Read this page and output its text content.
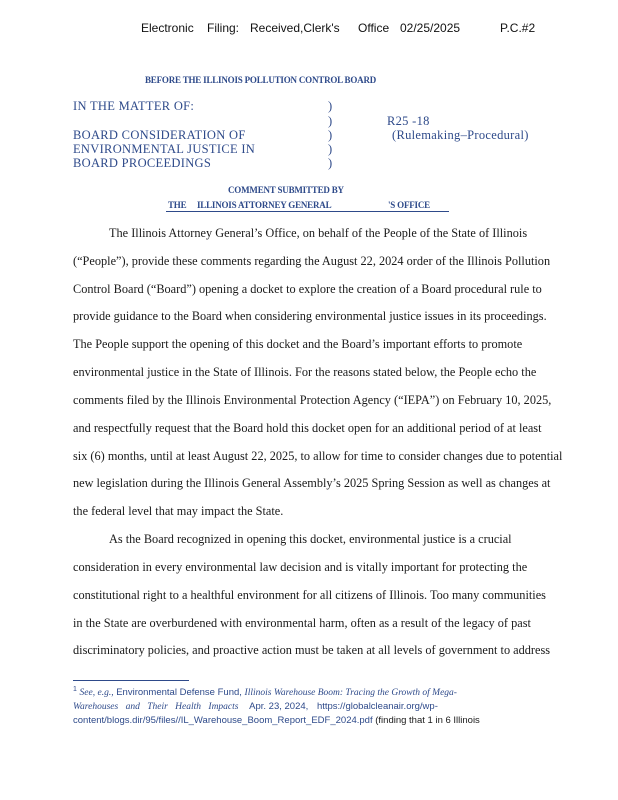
Electronic Filing: Received,Clerk's Office 02/25/2025	P.C.#2
BEFORE THE ILLINOIS POLLUTION CONTROL BOARD
IN THE MATTER OF:
BOARD CONSIDERATION OF
ENVIRONMENTAL JUSTICE IN
BOARD PROCEEDINGS
)
)
)
)
)
R25 -18
(Rulemaking–Procedural)
COMMENT SUBMITTED BY
THE ILLINOIS ATTORNEY GENERAL	'S OFFICE
The Illinois Attorney General’s Office, on behalf of the People of the State of Illinois
(“People”), provide these comments regarding the August 22, 2024 order of the Illinois Pollution
Control Board (“Board”) opening a docket to explore the creation of a Board procedural rule to
provide guidance to the Board when considering environmental justice issues in its proceedings.
The People support the opening of this docket and the Board’s important efforts to promote
environmental justice in the State of Illinois. For the reasons stated below, the People echo the
comments filed by the Illinois Environmental Protection Agency (“IEPA”) on February 10, 2025,
and respectfully request that the Board hold this docket open for an additional period of at least
six (6) months, until at least August 22, 2025, to allow for time to consider changes due to potential
new legislation during the Illinois General Assembly’s 2025 Spring Session as well as changes at
the federal level that may impact the State.
As the Board recognized in opening this docket, environmental justice is a crucial
consideration in every environmental law decision and is vitally important for protecting the
constitutional right to a healthful environment for all citizens of Illinois. Too many communities
in the State are overburdened with environmental harm, often as a result of the legacy of past
discriminatory policies, and proactive action must be taken at all levels of government to address
$^1$ See, e.g., Environmental Defense Fund, Illinois Warehouse Boom: Tracing the Growth of Mega-
Warehouses and Their Health Impacts Apr. 23, 2024, https://globalcleanair.org/wp-
content/blogs.dir/95/files//IL_Warehouse_Boom_Report_EDF_2024.pdf (finding that 1 in 6 Illinois
